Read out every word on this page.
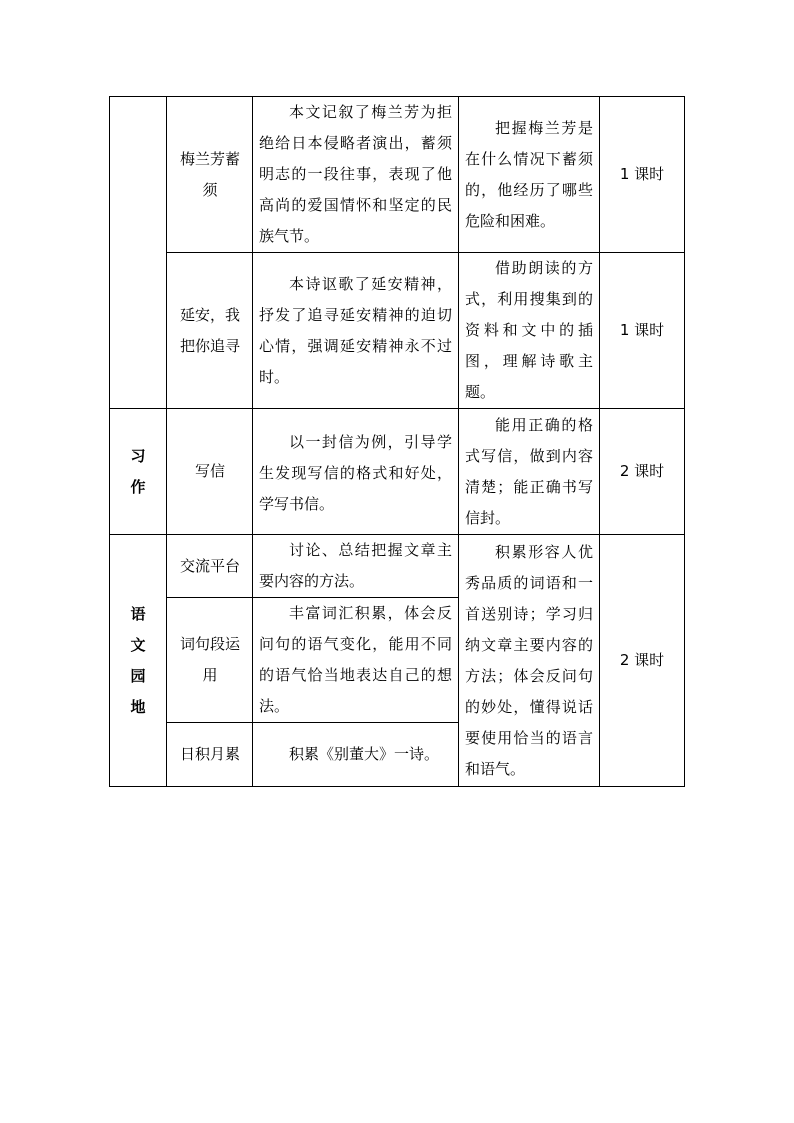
	梅兰芳蓄须	本文记叙了梅兰芳为拒绝给日本侵略者演出，蓄须明志的一段往事，表现了他高尚的爱国情怀和坚定的民族气节。	把握梅兰芳是在什么情况下蓄须的，他经历了哪些危险和困难。	1 课时
	延安，我把你追寻	本诗讴歌了延安精神，抒发了追寻延安精神的迫切心情，强调延安精神永不过时。	借助朗读的方式，利用搜集到的资料和文中的插图，理解诗歌主题。	1 课时
习作	写信	以一封信为例，引导学生发现写信的格式和好处，学写书信。	能用正确的格式写信，做到内容清楚；能正确书写信封。	2 课时
语文园地	交流平台	讨论、总结把握文章主要内容的方法。	积累形容人优秀品质的词语和一首送别诗；学习归纳文章主要内容的方法；体会反问句的妙处，懂得说话要使用恰当的语言和语气。	2 课时
	词句段运用	丰富词汇积累，体会反问句的语气变化，能用不同的语气恰当地表达自己的想法。		

	日积月累	积累《别董大》一诗。		
